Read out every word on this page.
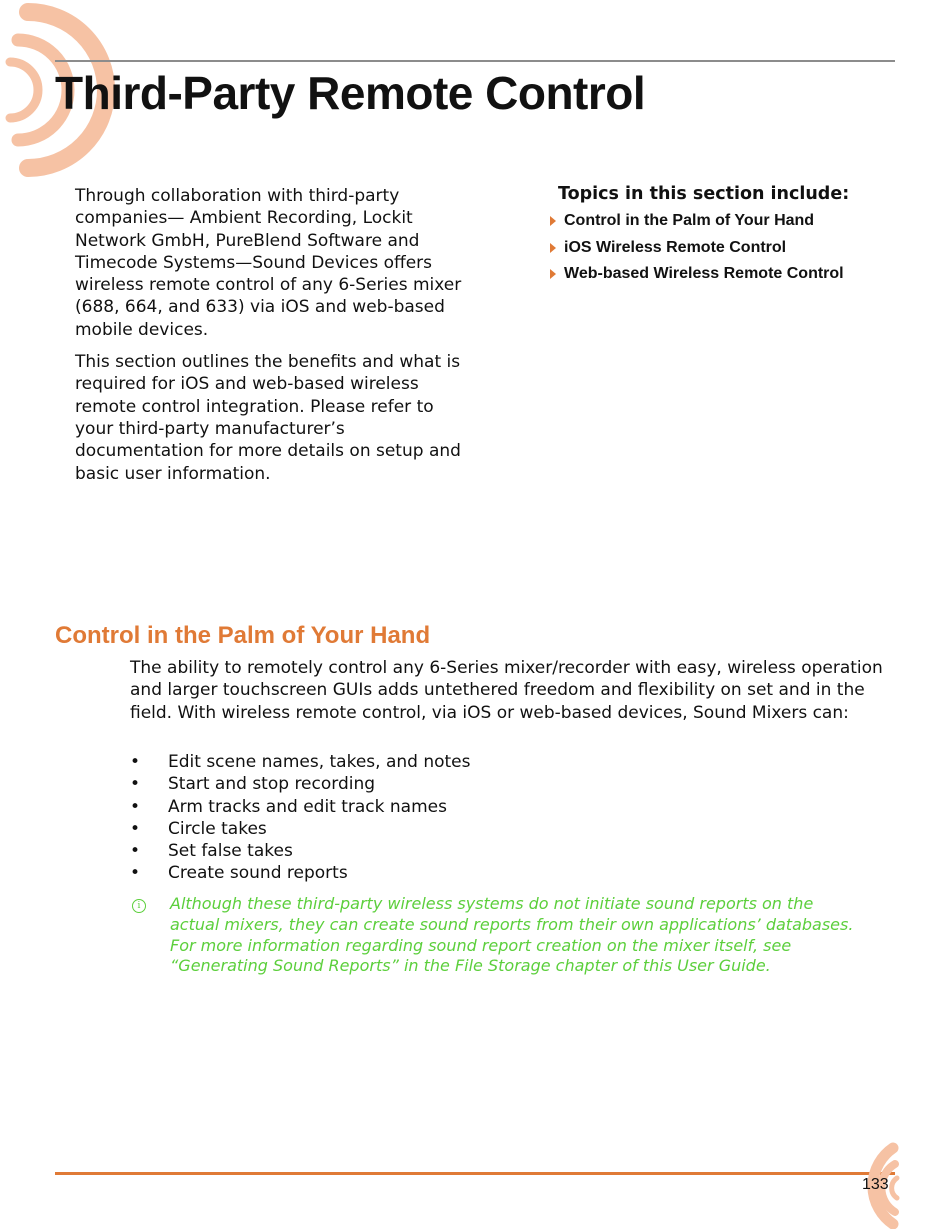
Third-Party Remote Control

Through collaboration with third-party companies— Ambient Recording, Lockit Network GmbH, PureBlend Software and Timecode Systems—Sound Devices offers wireless remote control of any 6-Series mixer (688, 664, and 633) via iOS and web-based mobile devices.

This section outlines the benefits and what is required for iOS and web-based wireless remote control integration. Please refer to your third-party manufacturer’s documentation for more details on setup and basic user information.

Topics in this section include:
Control in the Palm of Your Hand
iOS Wireless Remote Control
Web-based Wireless Remote Control
Control in the Palm of Your Hand

The ability to remotely control any 6-Series mixer/recorder with easy, wireless operation and larger touchscreen GUIs adds untethered freedom and flexibility on set and in the field. With wireless remote control, via iOS or web-based devices, Sound Mixers can:

•	Edit scene names, takes, and notes
•	Start and stop recording
•	Arm tracks and edit track names
•	Circle takes
•	Set false takes
•	Create sound reports
i	Although these third-party wireless systems do not initiate sound reports on the actual mixers, they can create sound reports from their own applications’ databases. For more information regarding sound report creation on the mixer itself, see “Generating Sound Reports” in the File Storage chapter of this User Guide.

133
